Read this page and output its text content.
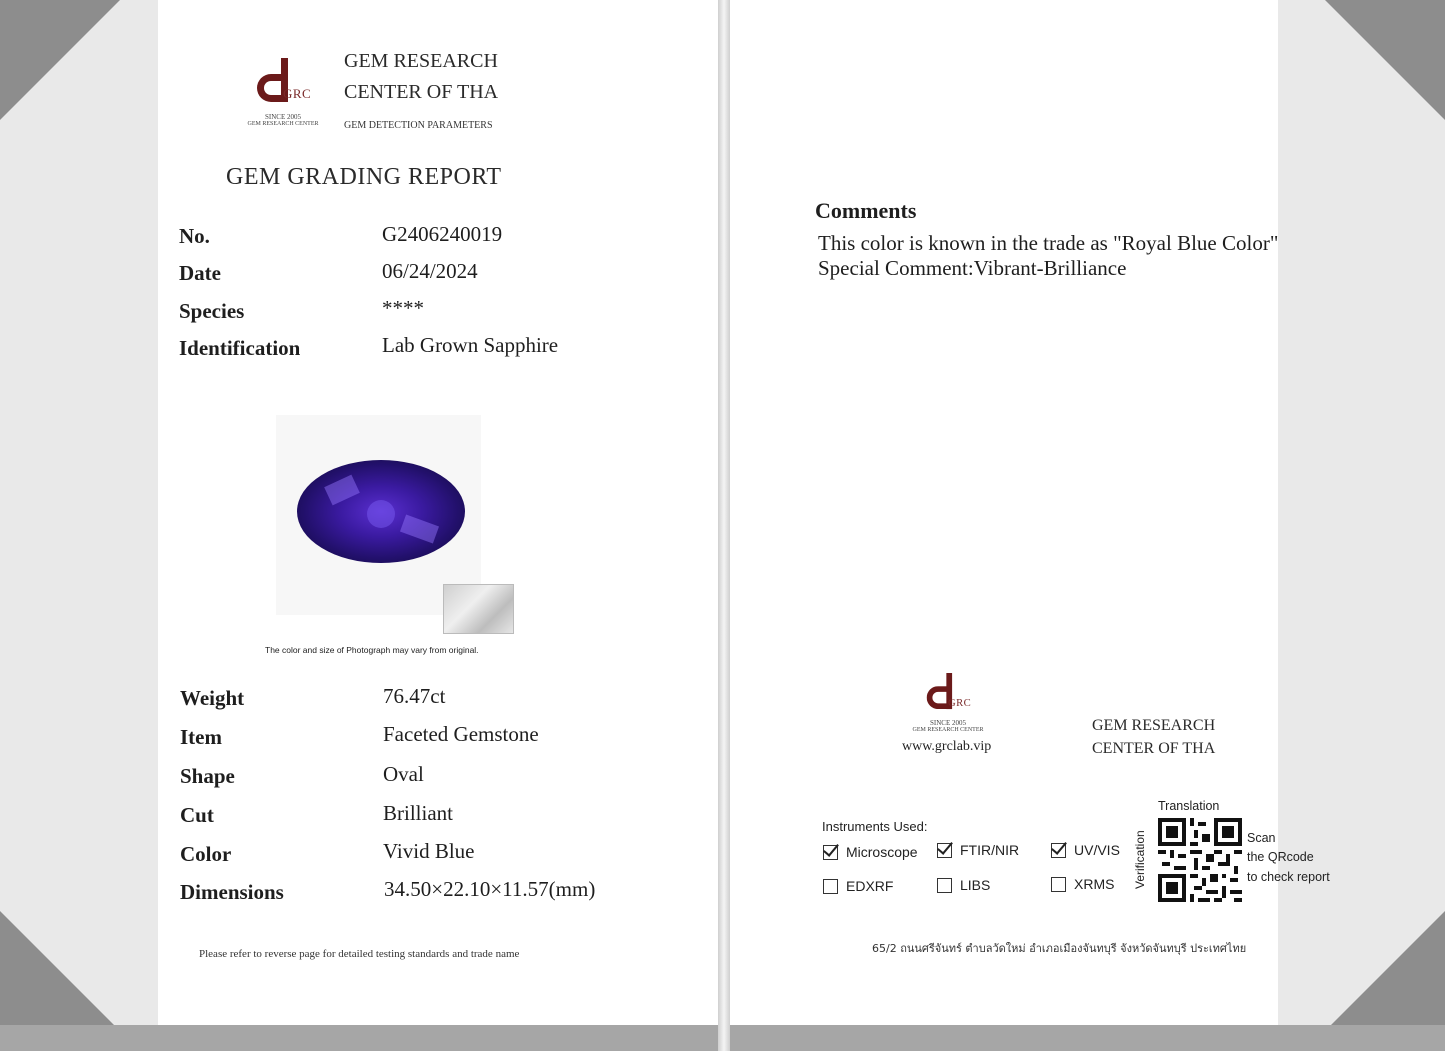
GRC
SINCE 2005
GEM RESEARCH CENTER
GEM RESEARCH
CENTER OF THA
GEM DETECTION PARAMETERS
GEM GRADING REPORT
No.	G2406240019
Date	06/24/2024
Species	****
Identification	Lab Grown Sapphire
The color and size of Photograph may vary from original.
Weight	76.47ct
Item	Faceted Gemstone
Shape	Oval
Cut	Brilliant
Color	Vivid Blue
Dimensions	34.50×22.10×11.57(mm)
Please refer to reverse page for detailed testing standards and trade name
Comments
This color is known in the trade as "Royal Blue Color"
Special Comment:Vibrant-Brilliance
GRC
SINCE 2005
GEM RESEARCH CENTER
www.grclab.vip
GEM RESEARCH
CENTER OF THA
Instruments Used:
Microscope	FTIR/NIR	UV/VIS
EDXRF	LIBS	XRMS
Translation
Verification	Scan
the QRcode
to check report
65/2 ถนนศรีจันทร์ ตำบลวัดใหม่ อำเภอเมืองจันทบุรี จังหวัดจันทบุรี ประเทศไทย
